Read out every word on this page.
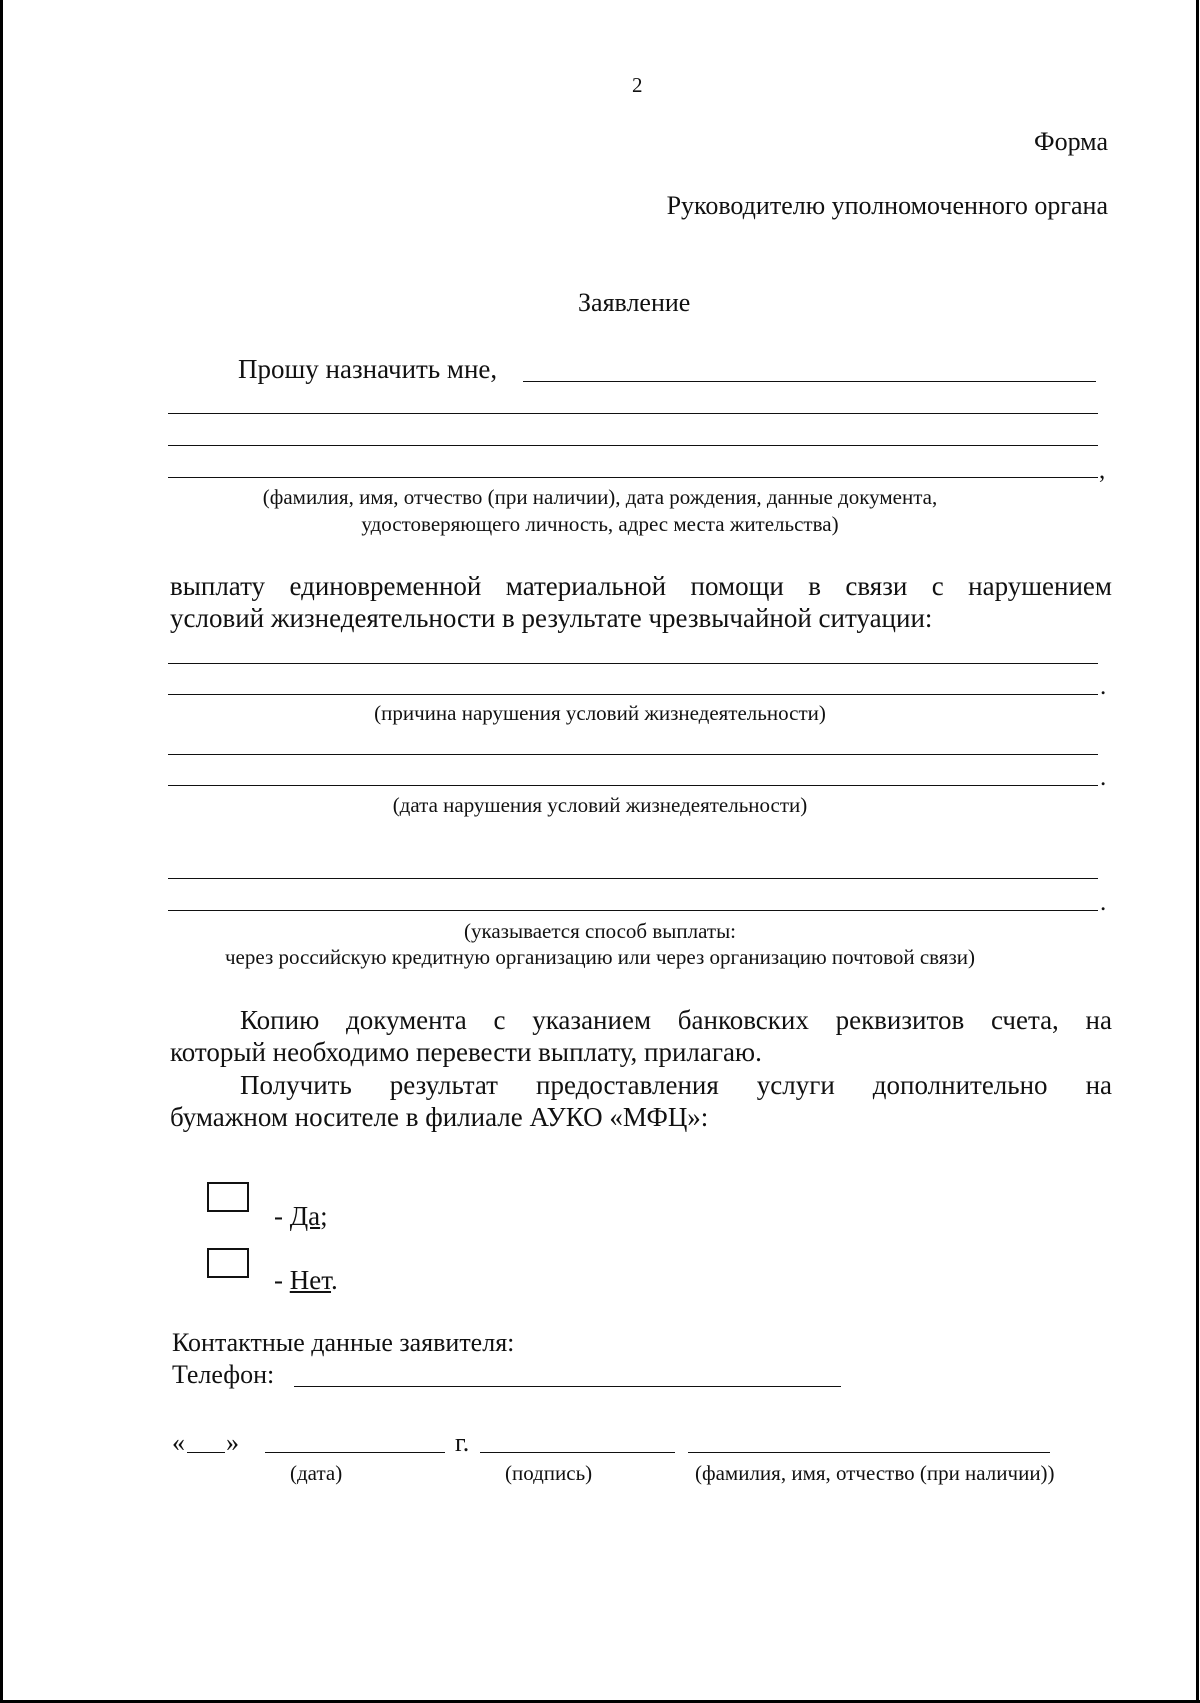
2
Форма
Руководителю уполномоченного органа
Заявление
Прошу назначить мне,
,
(фамилия, имя, отчество (при наличии), дата рождения, данные документа,
удостоверяющего личность, адрес места жительства)
выплату единовременной материальной помощи в связи с нарушением
условий жизнедеятельности в результате чрезвычайной ситуации:
.
(причина нарушения условий жизнедеятельности)
.
(дата нарушения условий жизнедеятельности)
.
(указывается способ выплаты:
через российскую кредитную организацию или через организацию почтовой связи)
Копию документа с указанием банковских реквизитов счета, на
который необходимо перевести выплату, прилагаю.
Получить результат предоставления услуги дополнительно на
бумажном носителе в филиале АУКО «МФЦ»:
- Да;
- Нет.
Контактные данные заявителя:
Телефон:
« »	г.
(дата)	(подпись)	(фамилия, имя, отчество (при наличии))
